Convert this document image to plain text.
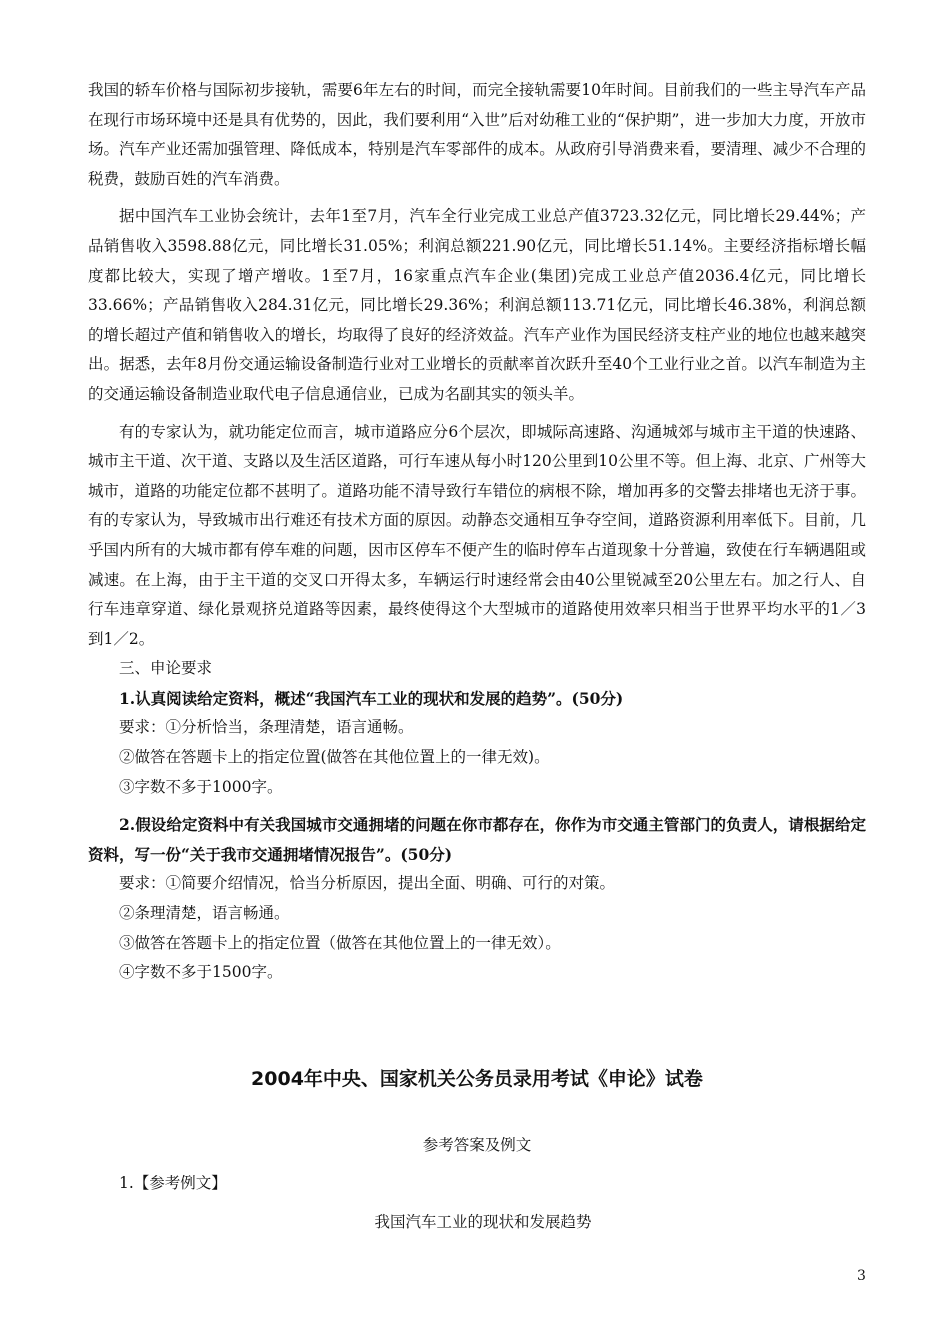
我国的轿车价格与国际初步接轨，需要6年左右的时间，而完全接轨需要10年时间。目前我们的一些主导汽车产品在现行市场环境中还是具有优势的，因此，我们要利用“入世”后对幼稚工业的“保护期”，进一步加大力度，开放市场。汽车产业还需加强管理、降低成本，特别是汽车零部件的成本。从政府引导消费来看，要清理、减少不合理的税费，鼓励百姓的汽车消费。

据中国汽车工业协会统计，去年1至7月，汽车全行业完成工业总产值3723.32亿元，同比增长29.44%；产品销售收入3598.88亿元，同比增长31.05%；利润总额221.90亿元，同比增长51.14%。主要经济指标增长幅度都比较大，实现了增产增收。1至7月，16家重点汽车企业(集团)完成工业总产值2036.4亿元，同比增长33.66%；产品销售收入284.31亿元，同比增长29.36%；利润总额113.71亿元，同比增长46.38%，利润总额的增长超过产值和销售收入的增长，均取得了良好的经济效益。汽车产业作为国民经济支柱产业的地位也越来越突出。据悉，去年8月份交通运输设备制造行业对工业增长的贡献率首次跃升至40个工业行业之首。以汽车制造为主的交通运输设备制造业取代电子信息通信业，已成为名副其实的领头羊。

有的专家认为，就功能定位而言，城市道路应分6个层次，即城际高速路、沟通城郊与城市主干道的快速路、城市主干道、次干道、支路以及生活区道路，可行车速从每小时120公里到10公里不等。但上海、北京、广州等大城市，道路的功能定位都不甚明了。道路功能不清导致行车错位的病根不除，增加再多的交警去排堵也无济于事。有的专家认为，导致城市出行难还有技术方面的原因。动静态交通相互争夺空间，道路资源利用率低下。目前，几乎国内所有的大城市都有停车难的问题，因市区停车不便产生的临时停车占道现象十分普遍，致使在行车辆遇阻或减速。在上海，由于主干道的交叉口开得太多，车辆运行时速经常会由40公里锐减至20公里左右。加之行人、自行车违章穿道、绿化景观挤兑道路等因素，最终使得这个大型城市的道路使用效率只相当于世界平均水平的1／3到1／2。

三、申论要求

1.认真阅读给定资料，概述“我国汽车工业的现状和发展的趋势”。(50分)

要求：①分析恰当，条理清楚，语言通畅。

②做答在答题卡上的指定位置(做答在其他位置上的一律无效)。

③字数不多于1000字。

2.假设给定资料中有关我国城市交通拥堵的问题在你市都存在，你作为市交通主管部门的负责人，请根据给定资料，写一份“关于我市交通拥堵情况报告”。(50分)

要求：①简要介绍情况，恰当分析原因，提出全面、明确、可行的对策。

②条理清楚，语言畅通。

③做答在答题卡上的指定位置（做答在其他位置上的一律无效）。

④字数不多于1500字。

2004年中央、国家机关公务员录用考试《申论》试卷

参考答案及例文

1.【参考例文】

我国汽车工业的现状和发展趋势

3
